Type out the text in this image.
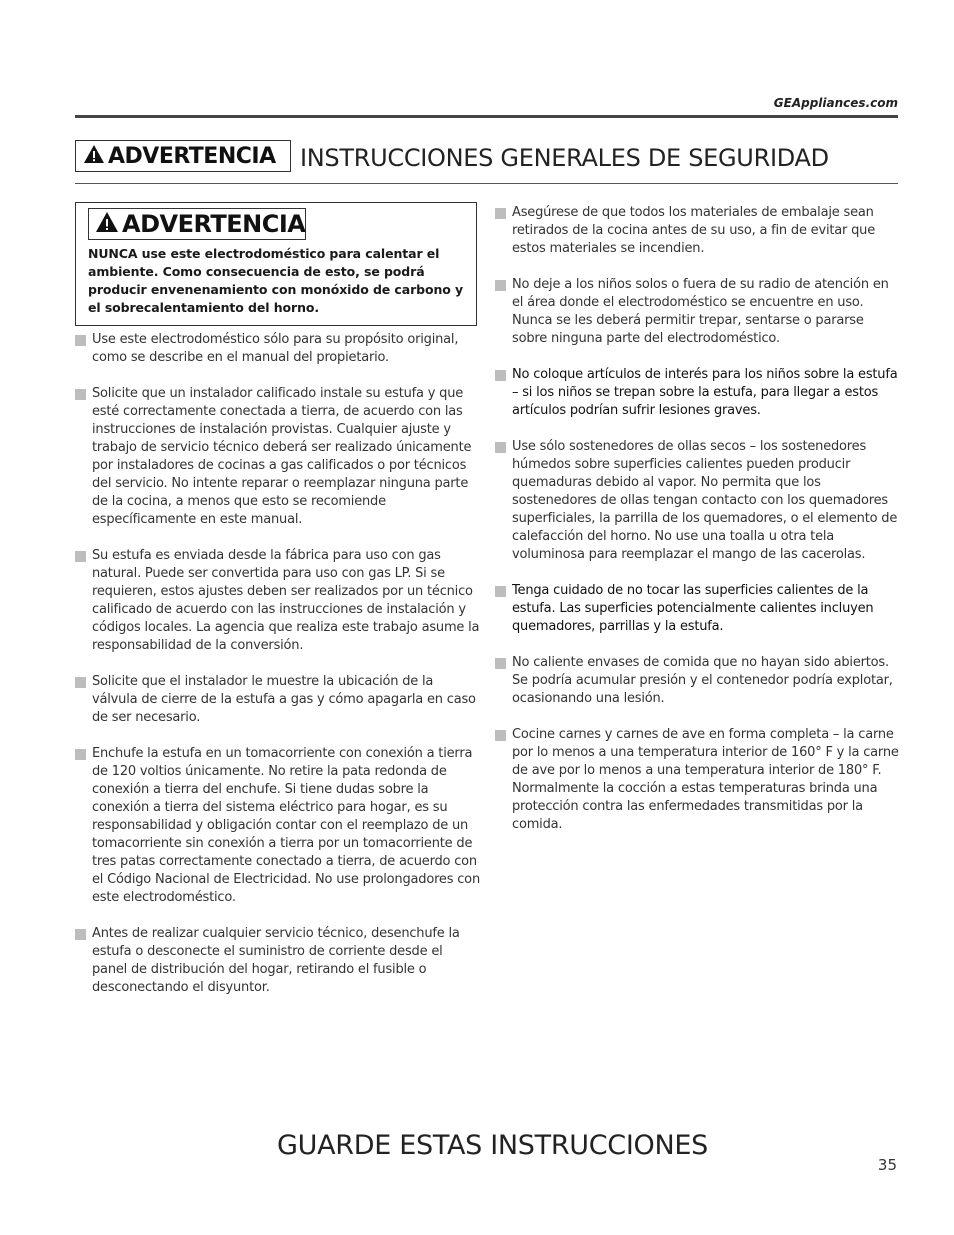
GEAppliances.com
ADVERTENCIA INSTRUCCIONES GENERALES DE SEGURIDAD
ADVERTENCIA
NUNCA use este electrodoméstico para calentar el ambiente. Como consecuencia de esto, se podrá producir envenenamiento con monóxido de carbono y el sobrecalentamiento del horno.
Use este electrodoméstico sólo para su propósito original, como se describe en el manual del propietario.
Solicite que un instalador calificado instale su estufa y que esté correctamente conectada a tierra, de acuerdo con las instrucciones de instalación provistas. Cualquier ajuste y trabajo de servicio técnico deberá ser realizado únicamente por instaladores de cocinas a gas calificados o por técnicos del servicio. No intente reparar o reemplazar ninguna parte de la cocina, a menos que esto se recomiende específicamente en este manual.
Su estufa es enviada desde la fábrica para uso con gas natural. Puede ser convertida para uso con gas LP. Si se requieren, estos ajustes deben ser realizados por un técnico calificado de acuerdo con las instrucciones de instalación y códigos locales. La agencia que realiza este trabajo asume la responsabilidad de la conversión.
Solicite que el instalador le muestre la ubicación de la válvula de cierre de la estufa a gas y cómo apagarla en caso de ser necesario.
Enchufe la estufa en un tomacorriente con conexión a tierra de 120 voltios únicamente. No retire la pata redonda de conexión a tierra del enchufe. Si tiene dudas sobre la conexión a tierra del sistema eléctrico para hogar, es su responsabilidad y obligación contar con el reemplazo de un tomacorriente sin conexión a tierra por un tomacorriente de tres patas correctamente conectado a tierra, de acuerdo con el Código Nacional de Electricidad. No use prolongadores con este electrodoméstico.
Antes de realizar cualquier servicio técnico, desenchufe la estufa o desconecte el suministro de corriente desde el panel de distribución del hogar, retirando el fusible o desconectando el disyuntor.
Asegúrese de que todos los materiales de embalaje sean retirados de la cocina antes de su uso, a fin de evitar que estos materiales se incendien.
No deje a los niños solos o fuera de su radio de atención en el área donde el electrodoméstico se encuentre en uso. Nunca se les deberá permitir trepar, sentarse o pararse sobre ninguna parte del electrodoméstico.
No coloque artículos de interés para los niños sobre la estufa – si los niños se trepan sobre la estufa, para llegar a estos artículos podrían sufrir lesiones graves.
Use sólo sostenedores de ollas secos – los sostenedores húmedos sobre superficies calientes pueden producir quemaduras debido al vapor. No permita que los sostenedores de ollas tengan contacto con los quemadores superficiales, la parrilla de los quemadores, o el elemento de calefacción del horno. No use una toalla u otra tela voluminosa para reemplazar el mango de las cacerolas.
Tenga cuidado de no tocar las superficies calientes de la estufa. Las superficies potencialmente calientes incluyen quemadores, parrillas y la estufa.
No caliente envases de comida que no hayan sido abiertos. Se podría acumular presión y el contenedor podría explotar, ocasionando una lesión.
Cocine carnes y carnes de ave en forma completa – la carne por lo menos a una temperatura interior de 160° F y la carne de ave por lo menos a una temperatura interior de 180° F. Normalmente la cocción a estas temperaturas brinda una protección contra las enfermedades transmitidas por la comida.
GUARDE ESTAS INSTRUCCIONES
35
